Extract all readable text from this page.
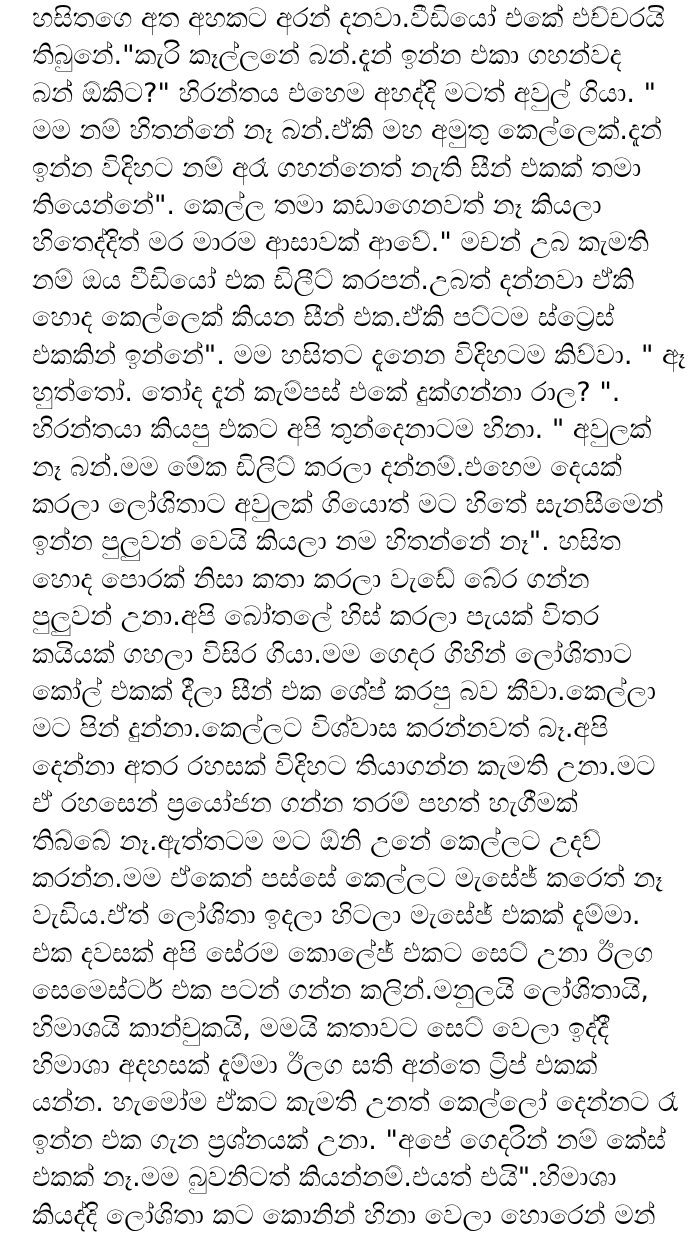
හසිතගෙ අත අහකට අරන් දනවා.වීඩියෝ එකේ එච්චරයි
තිබුනේ."කැරි කෑල්ලනේ බන්.දැන් ඉන්න එකා ගහන්වද
බන් ඕකිට?" හිරන්තය එහෙම අහද්දි මටත් අවුල් ගියා. "
මම නම් හිතන්නේ නෑ බන්.ඒකි මහ අමුතු කෙල්ලෙක්.දැන්
ඉන්න විදිහට නම් අරෑ ගහන්නෙත් නැති සීන් එකක් තමා
තියෙන්නේ". කෙල්ල තමා කඩාගෙනවත් නෑ කියලා
හිතෙද්දිත් මර මාරම ආසාවක් ආවේ." මචන් උබ කැමති
නම් ඔය වීඩියෝ එක ඩිලීට් කරපන්.උබත් දන්නවා ඒකි
හොද කෙල්ලෙක් කියන සීන් එක.ඒකි පට්ටම ස්ට්‍රෙස්
එකකින් ඉන්නේ". මම හසිතට දැනෙන විදිහටම කිව්වා. " ඈ
හුත්තෝ. තෝද දැන් කැම්පස් එකේ දුක්ගන්නා රාල? ".
හිරන්තයා කියපු එකට අපි තුන්දෙනාටම හිනා. " අවුලක්
නෑ බන්.මම මේක ඩිලිට් කරලා දන්නම්.එහෙම දෙයක්
කරලා ලෝශිතාට අවුලක් ගියොත් මට හිතේ සැනසීමෙන්
ඉන්න පුලුවන් වෙයි කියලා නම හිතන්නේ නෑ". හසිත
හොද පොරක් නිසා කතා කරලා වැඩේ බේර ගන්න
පුලුවන් උනා.අපි බෝතලේ හිස් කරලා පැයක් විතර
කයියක් ගහලා විසිර ගියා.මම ගෙදර ගිහින් ලෝශිතාට
කෝල් එකක් දීලා සීන් එක ශේප් කරපු බව කීවා.කෙල්ලා
මට පින් දුන්නා.කෙල්ලට විශ්වාස කරන්නවත් බෑ.අපි
දෙන්නා අතර රහසක් විදිහට තියාගන්න කැමති උනා.මට
ඒ රහසෙන් ප්‍රයෝජන ගන්න තරම් පහත් හැගීමක්
තිබ්බේ නෑ.ඇත්තටම මට ඕනි උනේ කෙල්ලට උදව්
කරන්න.මම ඒකෙන් පස්සේ කෙල්ලට මැසේජ් කරෙත් නෑ
වැඩිය.ඒත් ලෝශිතා ඉදලා හිටලා මැසේජ් එකක් දැම්මා.
එක දවසක් අපි සේරම කොලේජ් එකට සෙට් උනා ඊලග
සෙමෙස්ටර් එක පටන් ගන්න කලින්.මනුලයි ලෝශිතායි,
හිමාශයි කාන්චුකයි, මමයි කතාවට සෙට් වෙලා ඉද්දී
හිමාශා අදහසක් දැම්මා ඊලග සති අන්තෙ ට්‍රිප් එකක්
යන්න. හැමෝම ඒකට කැමති උනත් කෙල්ලෝ දෙන්නට රෑ
ඉන්න එක ගැන ප්‍රශ්නයක් උනා. "අපේ ගෙදරින් නම් කේස්
එකක් නෑ.මම බුවනිටත් කියන්නම්.එයත් එයි".හිමාශා
කියද්දි ලෝශිතා කට කොනින් හිනා වෙලා හොරෙන් මන්
